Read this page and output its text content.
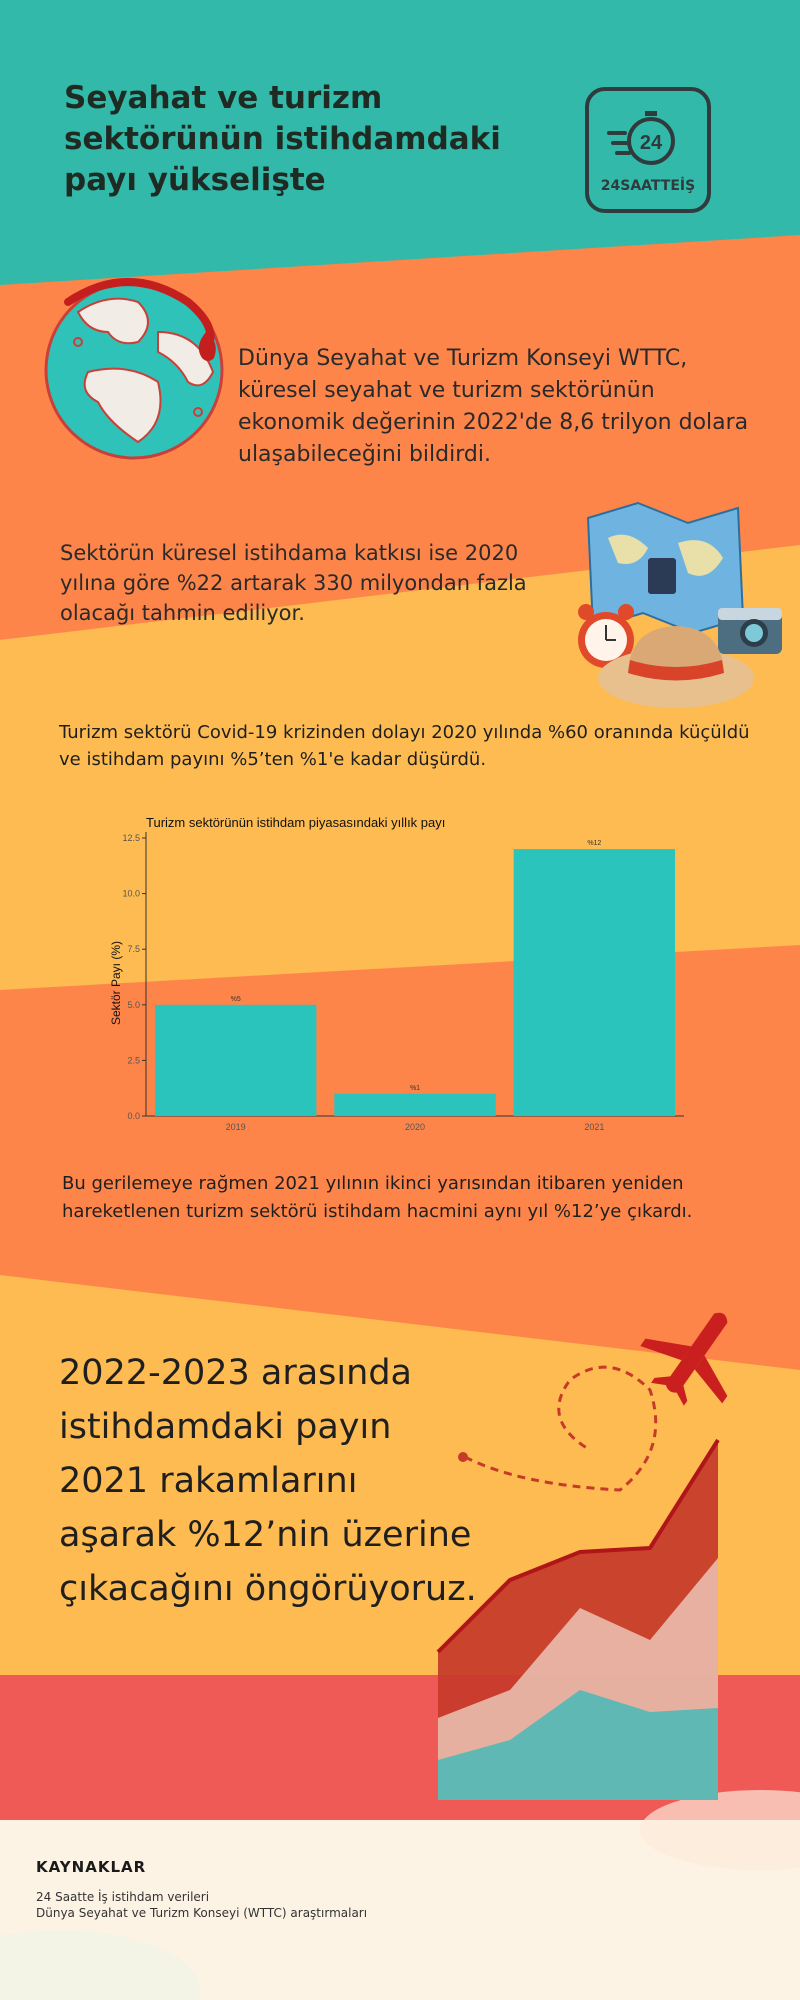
Seyahat ve turizm sektörünün istihdamdaki payı yükselişte
24
24SAATTEİŞ
Dünya Seyahat ve Turizm Konseyi WTTC, küresel seyahat ve turizm sektörünün ekonomik değerinin 2022'de 8,6 trilyon dolara ulaşabileceğini bildirdi.
Sektörün küresel istihdama katkısı ise 2020 yılına göre %22 artarak 330 milyondan fazla olacağı tahmin ediliyor.
Turizm sektörü Covid-19 krizinden dolayı 2020 yılında %60 oranında küçüldü ve istihdam payını %5’ten %1'e kadar düşürdü.
Turizm sektörünün istihdam piyasasındaki yıllık payı
0.0
2.5
5.0
7.5
10.0
12.5
%5
2019
%1
2020
%12
2021
Sektör Payı (%)
Bu gerilemeye rağmen 2021 yılının ikinci yarısından itibaren yeniden hareketlenen turizm sektörü istihdam hacmini aynı yıl %12’ye çıkardı.
2022-2023 arasında istihdamdaki payın 2021 rakamlarını aşarak %12’nin üzerine çıkacağını öngörüyoruz.
KAYNAKLAR
24 Saatte İş istihdam verileri
Dünya Seyahat ve Turizm Konseyi (WTTC) araştırmaları
